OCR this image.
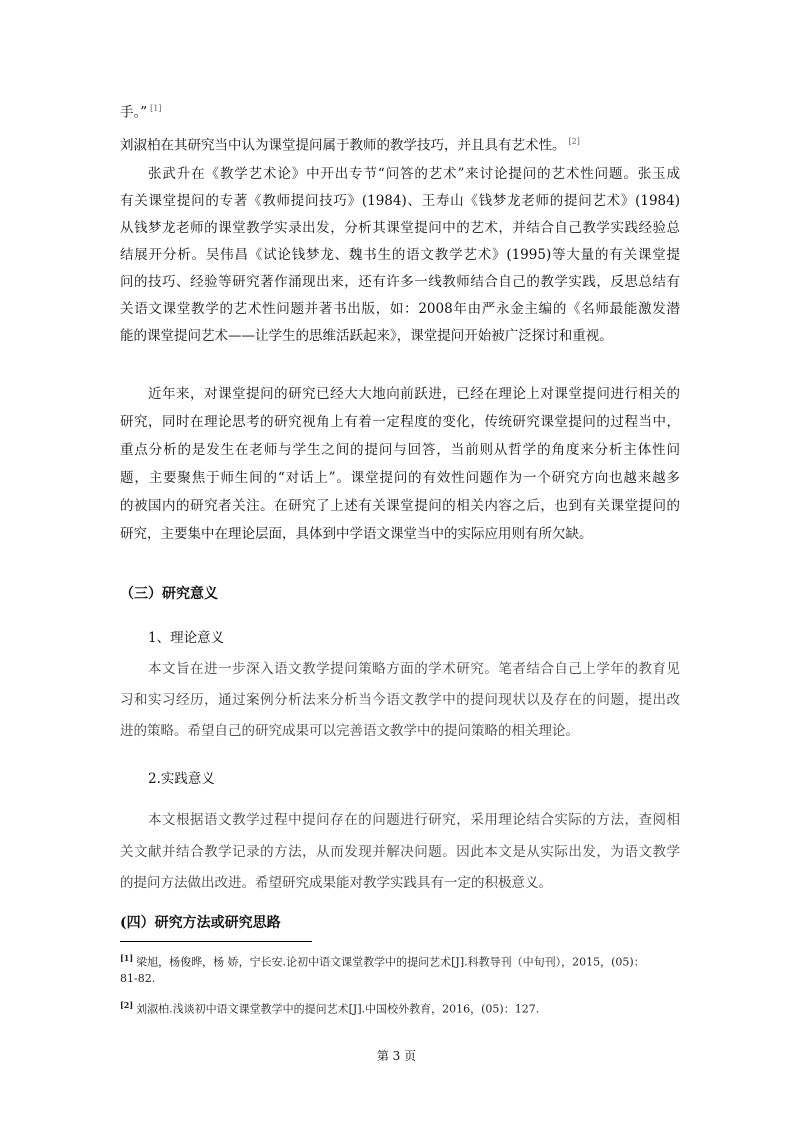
手。” [1]
刘淑柏在其研究当中认为课堂提问属于教师的教学技巧，并且具有艺术性。 [2]
张武升在《教学艺术论》中开出专节“问答的艺术”来讨论提问的艺术性问题。张玉成
有关课堂提问的专著《教师提问技巧》(1984)、王寿山《钱梦龙老师的提问艺术》(1984)
从钱梦龙老师的课堂教学实录出发，分析其课堂提问中的艺术，并结合自己教学实践经验总
结展开分析。吴伟昌《试论钱梦龙、魏书生的语文教学艺术》(1995)等大量的有关课堂提
问的技巧、经验等研究著作涌现出来，还有许多一线教师结合自己的教学实践，反思总结有
关语文课堂教学的艺术性问题并著书出版，如：2008年由严永金主编的《名师最能激发潜
能的课堂提问艺术——让学生的思维活跃起来》，课堂提问开始被广泛探讨和重视。
近年来，对课堂提问的研究已经大大地向前跃进，已经在理论上对课堂提问进行相关的
研究，同时在理论思考的研究视角上有着一定程度的变化，传统研究课堂提问的过程当中，
重点分析的是发生在老师与学生之间的提问与回答，当前则从哲学的角度来分析主体性问
题，主要聚焦于师生间的“对话上”。课堂提问的有效性问题作为一个研究方向也越来越多
的被国内的研究者关注。在研究了上述有关课堂提问的相关内容之后，也到有关课堂提问的
研究，主要集中在理论层面，具体到中学语文课堂当中的实际应用则有所欠缺。
（三）研究意义
1、理论意义
本文旨在进一步深入语文教学提问策略方面的学术研究。笔者结合自己上学年的教育见
习和实习经历，通过案例分析法来分析当今语文教学中的提问现状以及存在的问题，提出改
进的策略。希望自己的研究成果可以完善语文教学中的提问策略的相关理论。
2.实践意义
本文根据语文教学过程中提问存在的问题进行研究，采用理论结合实际的方法，查阅相
关文献并结合教学记录的方法，从而发现并解决问题。因此本文是从实际出发，为语文教学
的提问方法做出改进。希望研究成果能对教学实践具有一定的积极意义。
(四）研究方法或研究思路
[1] 梁旭，杨俊晔，杨 娇，宁长安.论初中语文课堂教学中的提问艺术[J].科教导刊（中旬刊），2015，(05)：
81-82.
[2] 刘淑柏.浅谈初中语文课堂教学中的提问艺术[J].中国校外教育，2016，(05)：127.
第 3 页
